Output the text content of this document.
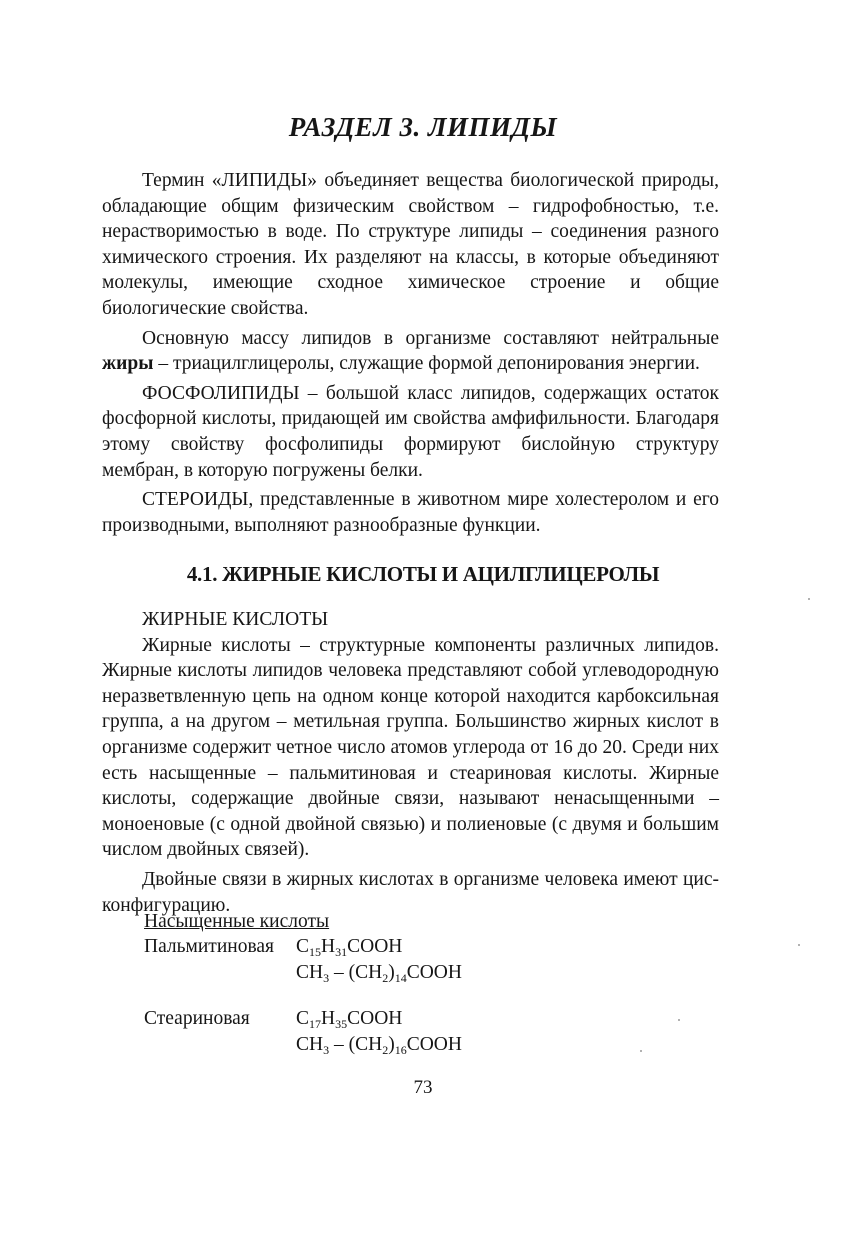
РАЗДЕЛ 3. ЛИПИДЫ

Термин «ЛИПИДЫ» объединяет вещества биологической природы, обладающие общим физическим свойством – гидрофобностью, т.е. нерастворимостью в воде. По структуре липиды – соединения разного химического строения. Их разделяют на классы, в которые объединяют молекулы, имеющие сходное химическое строение и общие биологические свойства.

Основную массу липидов в организме составляют нейтральные жиры – триацилглицеролы, служащие формой депонирования энергии.

ФОСФОЛИПИДЫ – большой класс липидов, содержащих остаток фосфорной кислоты, придающей им свойства амфифильности. Благодаря этому свойству фосфолипиды формируют бислойную структуру мембран, в которую погружены белки.

СТЕРОИДЫ, представленные в животном мире холестеролом и его производными, выполняют разнообразные функции.

4.1. ЖИРНЫЕ КИСЛОТЫ И АЦИЛГЛИЦЕРОЛЫ

ЖИРНЫЕ КИСЛОТЫ

Жирные кислоты – структурные компоненты различных липидов. Жирные кислоты липидов человека представляют собой углеводородную неразветвленную цепь на одном конце которой находится карбоксильная группа, а на другом – метильная группа. Большинство жирных кислот в организме содержит четное число атомов углерода от 16 до 20. Среди них есть насыщенные – пальмитиновая и стеариновая кислоты. Жирные кислоты, содержащие двойные связи, называют ненасыщенными – моноеновые (с одной двойной связью) и полиеновые (с двумя и большим числом двойных связей).

Двойные связи в жирных кислотах в организме человека имеют цис-конфигурацию.

Насыщенные кислоты
Пальмитиновая $C_{15}H_{31}COOH$
$CH_3$ – $(CH_2)_{14}COOH$
Стеариновая $C_{17}H_{35}COOH$
$CH_3$ – $(CH_2)_{16}COOH$
73
